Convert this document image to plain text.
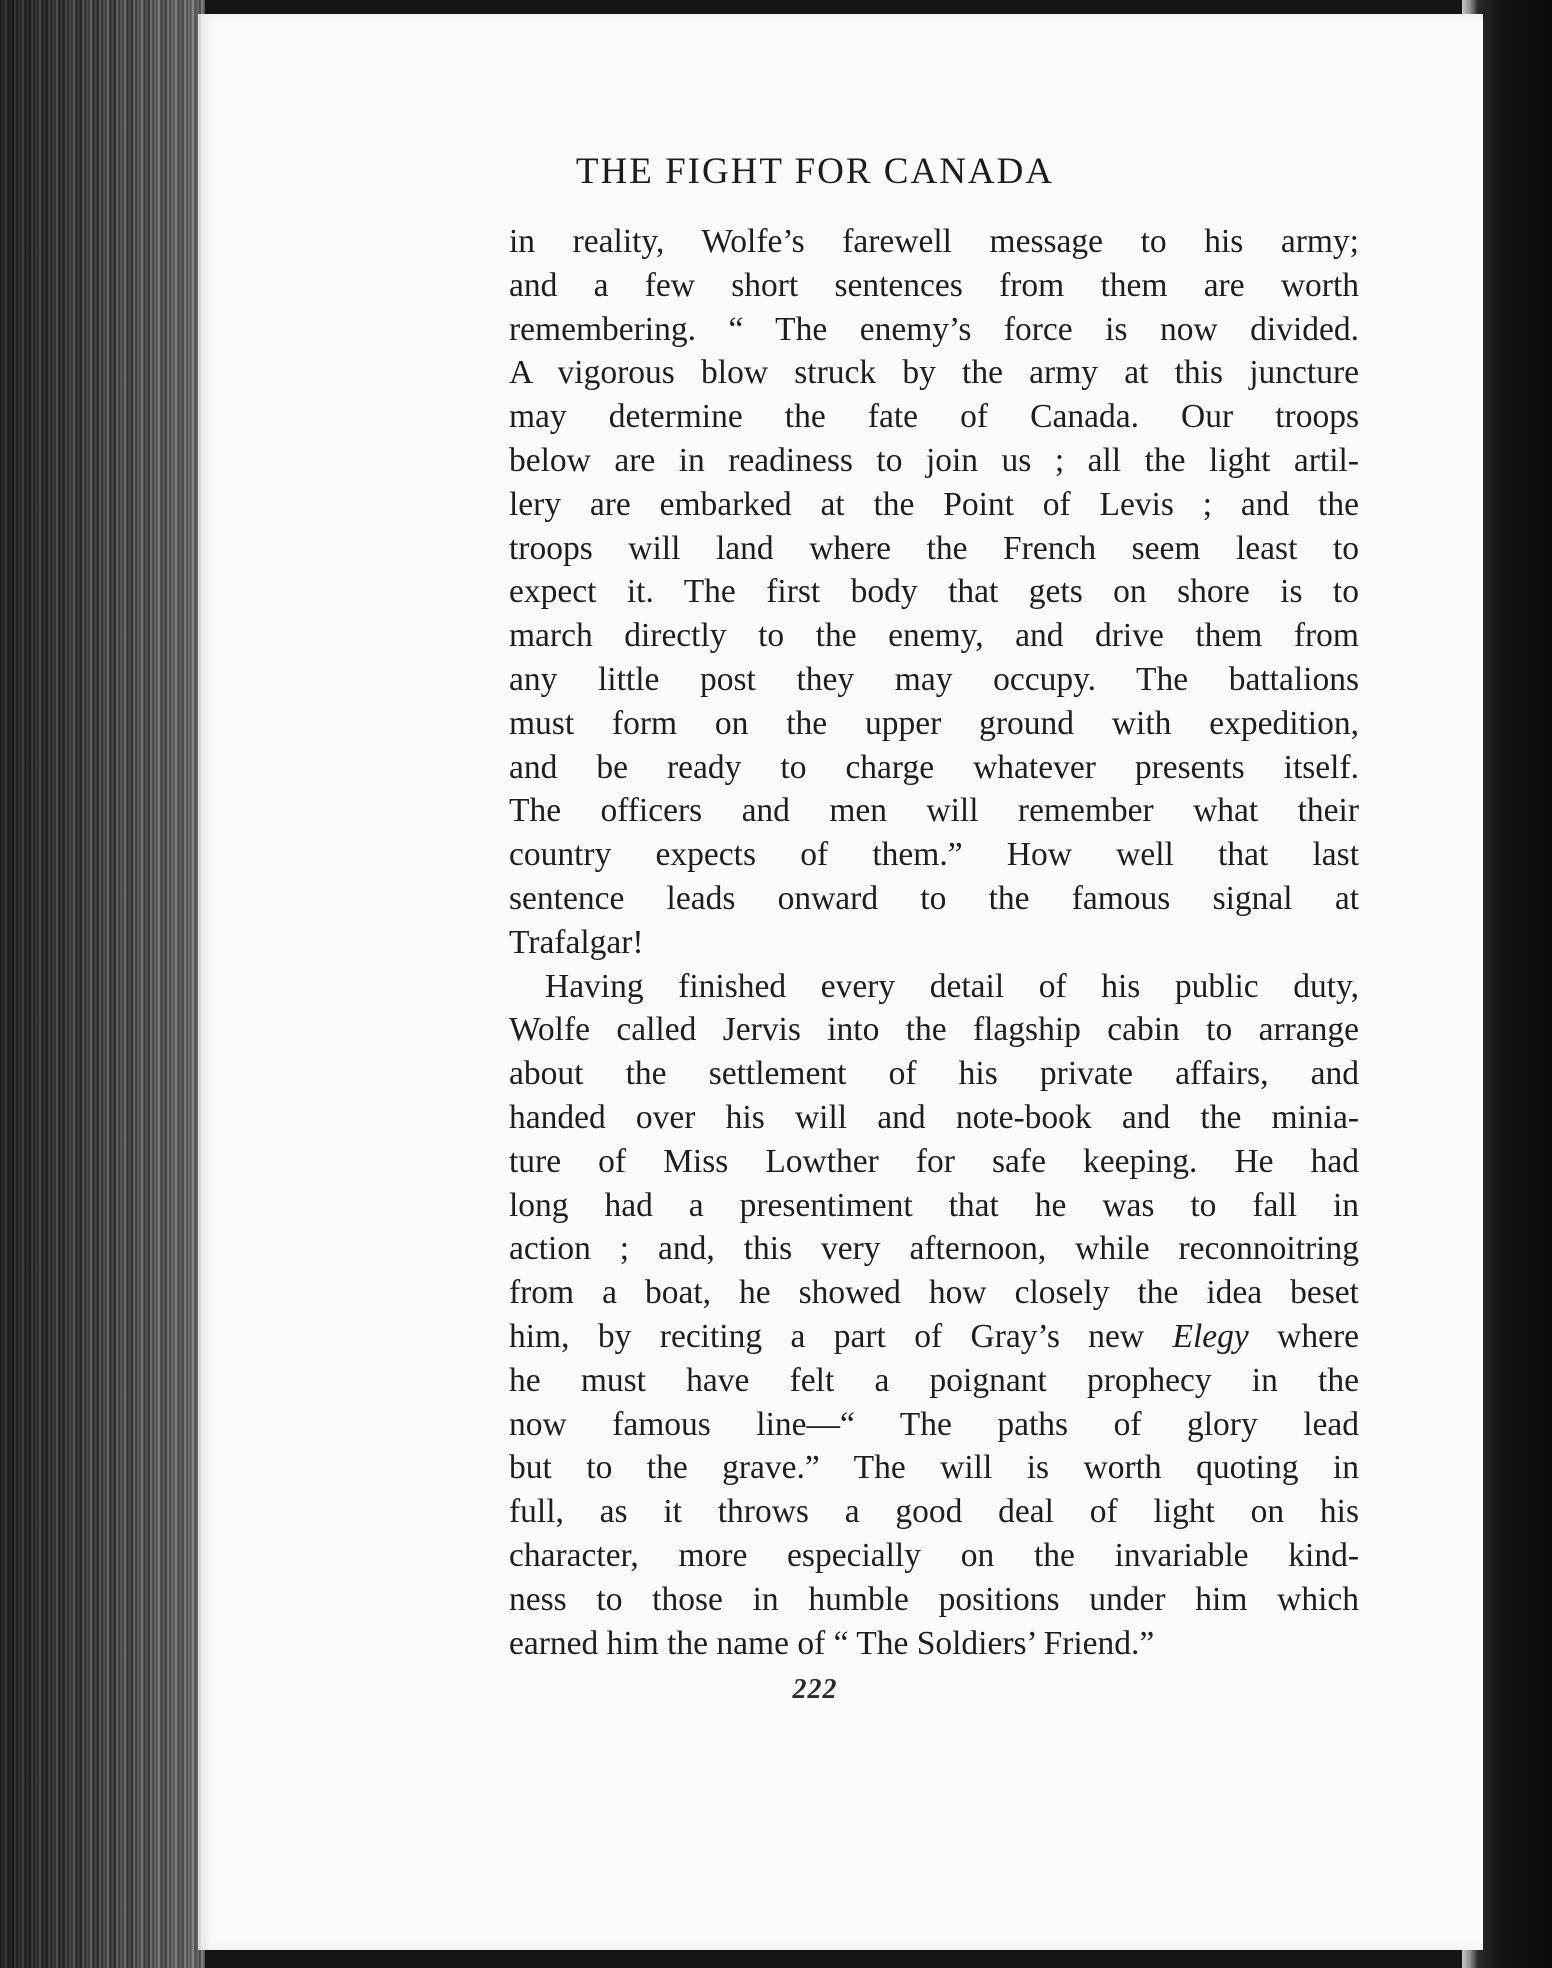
THE FIGHT FOR CANADA
in reality, Wolfe’s farewell message to his army;
and a few short sentences from them are worth
remembering. “ The enemy’s force is now divided.
A vigorous blow struck by the army at this juncture
may determine the fate of Canada. Our troops
below are in readiness to join us ; all the light artil-
lery are embarked at the Point of Levis ; and the
troops will land where the French seem least to
expect it. The first body that gets on shore is to
march directly to the enemy, and drive them from
any little post they may occupy. The battalions
must form on the upper ground with expedition,
and be ready to charge whatever presents itself.
The officers and men will remember what their
country expects of them.” How well that last
sentence leads onward to the famous signal at
Trafalgar!
Having finished every detail of his public duty,
Wolfe called Jervis into the flagship cabin to arrange
about the settlement of his private affairs, and
handed over his will and note-book and the minia-
ture of Miss Lowther for safe keeping. He had
long had a presentiment that he was to fall in
action ; and, this very afternoon, while reconnoitring
from a boat, he showed how closely the idea beset
him, by reciting a part of Gray’s new Elegy where
he must have felt a poignant prophecy in the
now famous line—“ The paths of glory lead
but to the grave.” The will is worth quoting in
full, as it throws a good deal of light on his
character, more especially on the invariable kind-
ness to those in humble positions under him which
earned him the name of “ The Soldiers’ Friend.”
222
